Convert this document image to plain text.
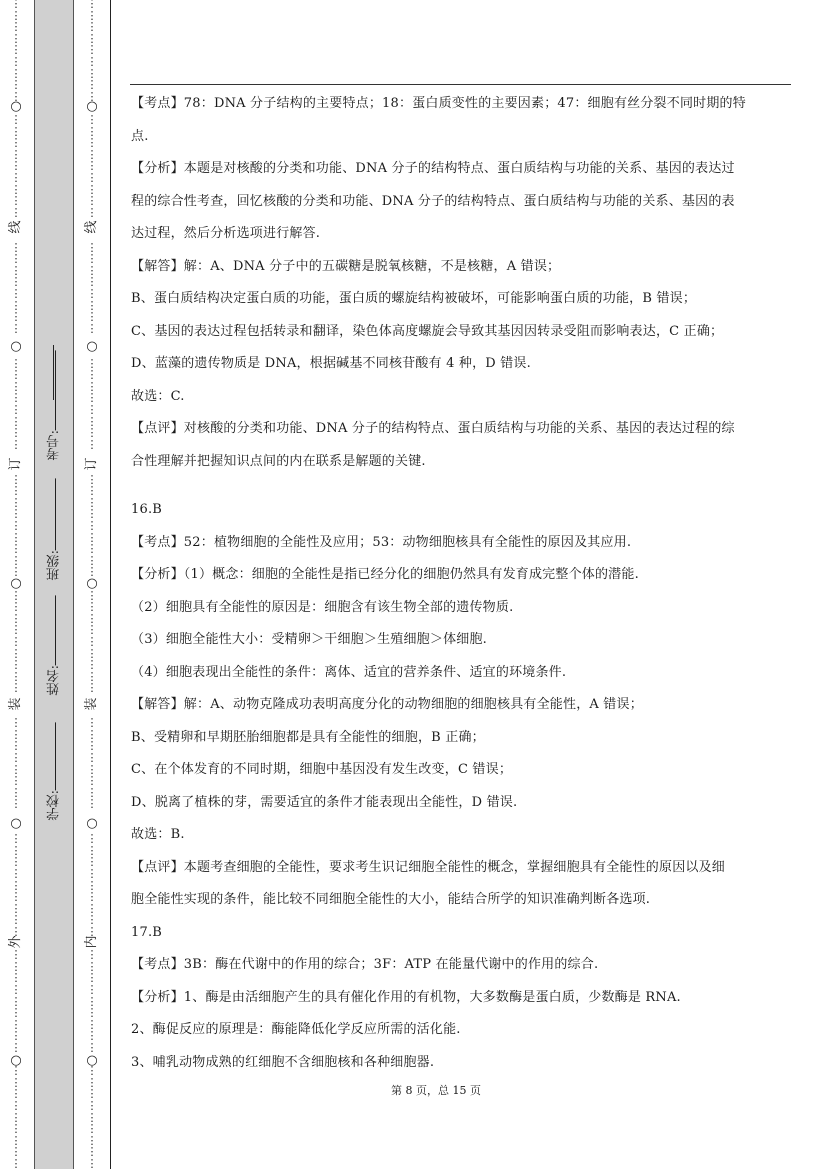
⋮
⋮
⋮
⋮
⋮
⋮
⋮
⋮
⋮
⋮
⋮
⋮
⋮
⋮
⋮
⋮
⋮
⋮
⋮
⋮
⋮
⋮
⋮
⋮
⋮
⋮
⋮
⋮
⋮
⋮
⋮
⋮
⋮
⋮
⋮
⋮
⋮
⋮
⋮
⋮
⋮
⋮
⋮
⋮
⋮
⋮
⋮
⋮
⋮
⋮
⋮
⋮
⋮
⋮
⋮
⋮
⋮
⋮
⋮
⋮
⋮
⋮
⋮
⋮
⋮
⋮
⋮
⋮
⋮
⋮
⋮
⋮
⋮
⋮
⋮
⋮
⋮
⋮
⋮
⋮
⋮
⋮
⋮
⋮
⋮
⋮
⋮
○
○
○
○
○
线
订
装
外
学校:
姓名:
班级:
考号:
⋮
⋮
⋮
⋮
⋮
⋮
⋮
⋮
⋮
⋮
⋮
⋮
⋮
⋮
⋮
⋮
⋮
⋮
⋮
⋮
⋮
⋮
⋮
⋮
⋮
⋮
⋮
⋮
⋮
⋮
⋮
⋮
⋮
⋮
⋮
⋮
⋮
⋮
⋮
⋮
⋮
⋮
⋮
⋮
⋮
⋮
⋮
⋮
⋮
⋮
⋮
⋮
⋮
⋮
⋮
⋮
⋮
⋮
⋮
⋮
⋮
⋮
⋮
⋮
⋮
⋮
⋮
⋮
⋮
⋮
⋮
⋮
⋮
⋮
⋮
⋮
⋮
⋮
⋮
⋮
⋮
⋮
⋮
⋮
⋮
⋮
⋮
○
○
○
○
○
线
订
装
内

【考点】78：DNA 分子结构的主要特点；18：蛋白质变性的主要因素；47：细胞有丝分裂不同时期的特

点.

【分析】本题是对核酸的分类和功能、DNA 分子的结构特点、蛋白质结构与功能的关系、基因的表达过

程的综合性考查，回忆核酸的分类和功能、DNA 分子的结构特点、蛋白质结构与功能的关系、基因的表

达过程，然后分析选项进行解答.

【解答】解：A、DNA 分子中的五碳糖是脱氧核糖，不是核糖，A 错误；

B、蛋白质结构决定蛋白质的功能，蛋白质的螺旋结构被破坏，可能影响蛋白质的功能，B 错误；

C、基因的表达过程包括转录和翻译，染色体高度螺旋会导致其基因因转录受阻而影响表达，C 正确；

D、蓝藻的遗传物质是 DNA，根据碱基不同核苷酸有 4 种，D 错误.

故选：C.

【点评】对核酸的分类和功能、DNA 分子的结构特点、蛋白质结构与功能的关系、基因的表达过程的综

合性理解并把握知识点间的内在联系是解题的关键.

16.B

【考点】52：植物细胞的全能性及应用；53：动物细胞核具有全能性的原因及其应用.

【分析】（1）概念：细胞的全能性是指已经分化的细胞仍然具有发育成完整个体的潜能.

（2）细胞具有全能性的原因是：细胞含有该生物全部的遗传物质.

（3）细胞全能性大小：受精卵＞干细胞＞生殖细胞＞体细胞.

（4）细胞表现出全能性的条件：离体、适宜的营养条件、适宜的环境条件.

【解答】解：A、动物克隆成功表明高度分化的动物细胞的细胞核具有全能性，A 错误；

B、受精卵和早期胚胎细胞都是具有全能性的细胞，B 正确；

C、在个体发育的不同时期，细胞中基因没有发生改变，C 错误；

D、脱离了植株的芽，需要适宜的条件才能表现出全能性，D 错误.

故选：B.

【点评】本题考查细胞的全能性，要求考生识记细胞全能性的概念，掌握细胞具有全能性的原因以及细

胞全能性实现的条件，能比较不同细胞全能性的大小，能结合所学的知识准确判断各选项.

17.B

【考点】3B：酶在代谢中的作用的综合；3F：ATP 在能量代谢中的作用的综合.

【分析】1、酶是由活细胞产生的具有催化作用的有机物，大多数酶是蛋白质，少数酶是 RNA.

2、酶促反应的原理是：酶能降低化学反应所需的活化能.

3、哺乳动物成熟的红细胞不含细胞核和各种细胞器.

第 8 页，总 15 页
